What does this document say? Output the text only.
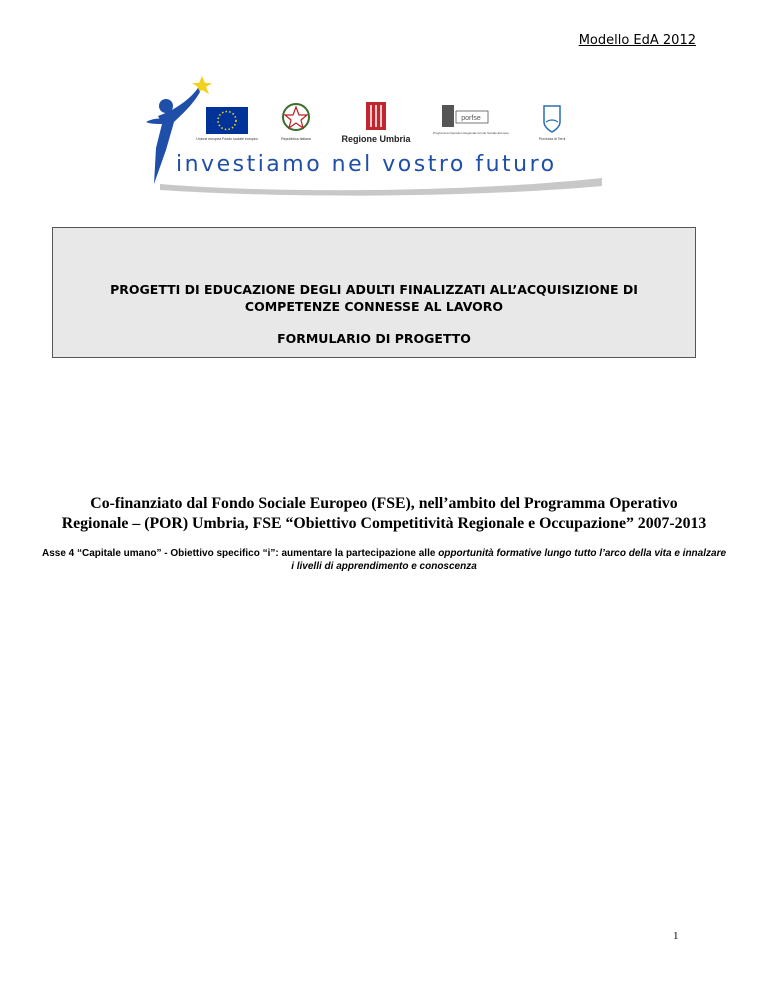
Modello EdA 2012
Unione europea Fondo sociale europeo	Repubblica Italiana	Regione Umbria
porfse
Programma Operativo Regionale Fondo Sociale Europeo
Provincia di Terni
investiamo nel vostro futuro
PROGETTI DI EDUCAZIONE DEGLI ADULTI FINALIZZATI ALL’ACQUISIZIONE DI
COMPETENZE CONNESSE AL LAVORO
FORMULARIO DI PROGETTO
Co-finanziato dal Fondo Sociale Europeo (FSE), nell’ambito del Programma Operativo
Regionale – (POR) Umbria, FSE “Obiettivo Competitività Regionale e Occupazione” 2007-2013
Asse 4 “Capitale umano” - Obiettivo specifico “i”: aumentare la partecipazione alle opportunità formative lungo tutto l’arco della vita e innalzare i livelli di apprendimento e conoscenza
1
